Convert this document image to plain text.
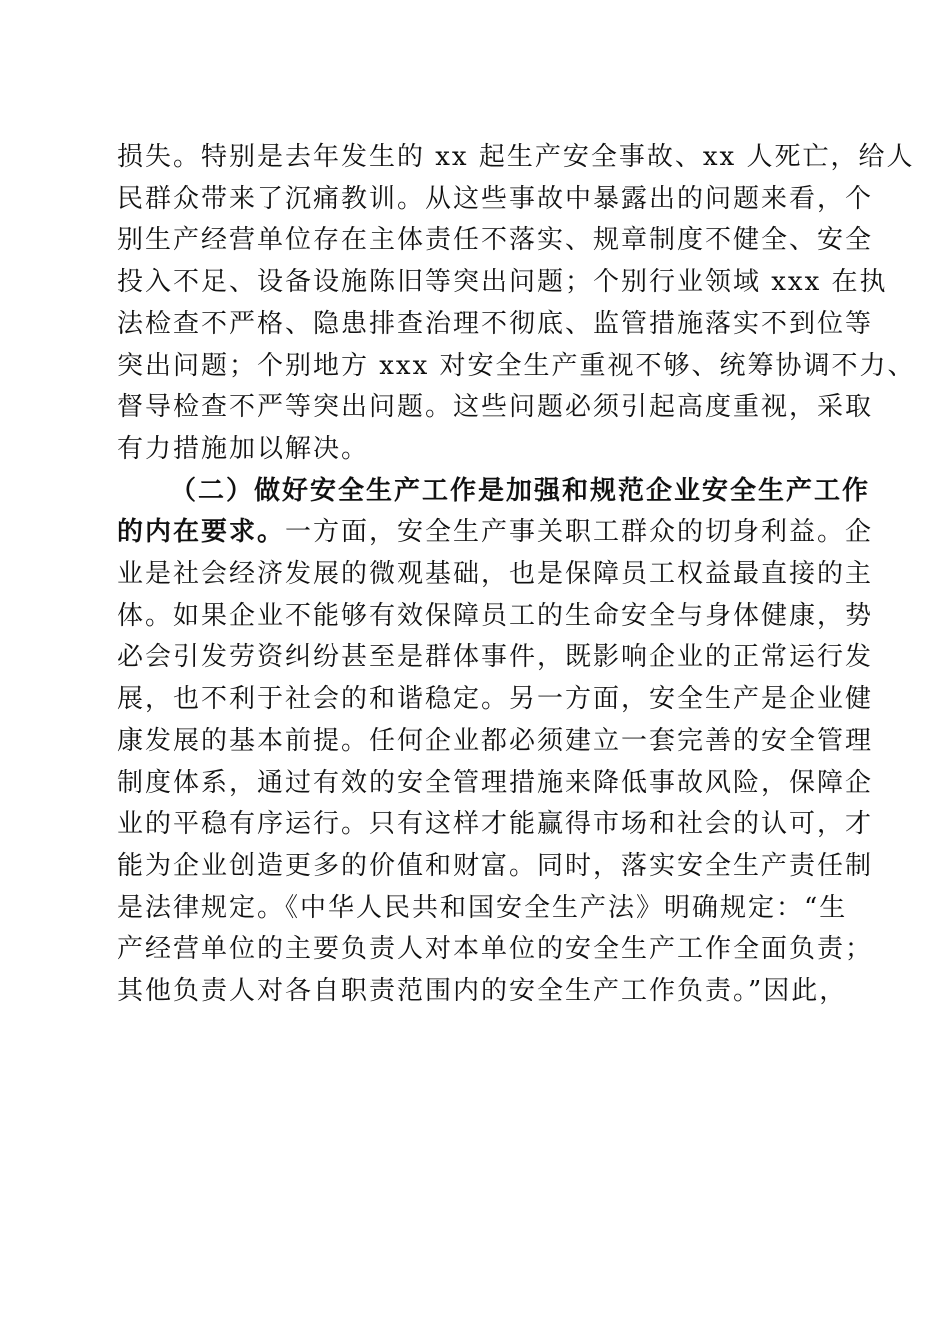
损失。特别是去年发生的 xx 起生产安全事故、xx 人死亡，给人
民群众带来了沉痛教训。从这些事故中暴露出的问题来看，个
别生产经营单位存在主体责任不落实、规章制度不健全、安全
投入不足、设备设施陈旧等突出问题；个别行业领域 xxx 在执
法检查不严格、隐患排查治理不彻底、监管措施落实不到位等
突出问题；个别地方 xxx 对安全生产重视不够、统筹协调不力、
督导检查不严等突出问题。这些问题必须引起高度重视，采取
有力措施加以解决。
（二）做好安全生产工作是加强和规范企业安全生产工作
的内在要求。一方面，安全生产事关职工群众的切身利益。企
业是社会经济发展的微观基础，也是保障员工权益最直接的主
体。如果企业不能够有效保障员工的生命安全与身体健康，势
必会引发劳资纠纷甚至是群体事件，既影响企业的正常运行发
展，也不利于社会的和谐稳定。另一方面，安全生产是企业健
康发展的基本前提。任何企业都必须建立一套完善的安全管理
制度体系，通过有效的安全管理措施来降低事故风险，保障企
业的平稳有序运行。只有这样才能赢得市场和社会的认可，才
能为企业创造更多的价值和财富。同时，落实安全生产责任制
是法律规定。《中华人民共和国安全生产法》明确规定：“生
产经营单位的主要负责人对本单位的安全生产工作全面负责；
其他负责人对各自职责范围内的安全生产工作负责。”因此，
